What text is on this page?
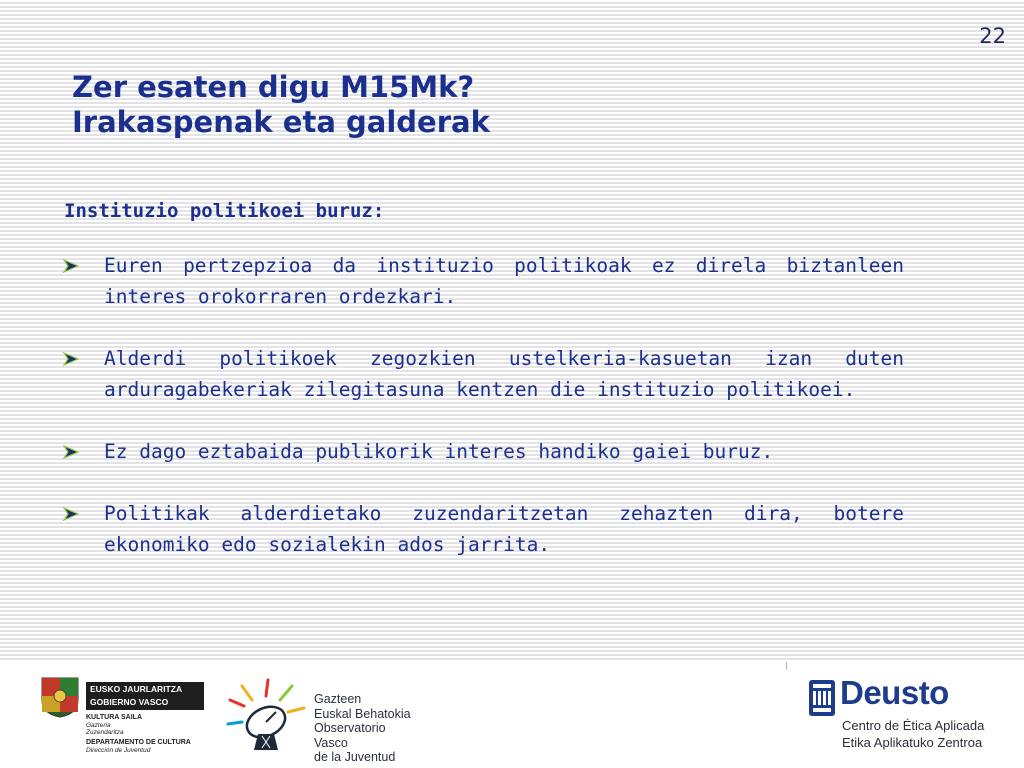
22
Zer esaten digu M15Mk?
Irakaspenak eta galderak
Instituzio politikoei buruz:
Euren pertzepzioa da instituzio politikoak ez direla biztanleen interes orokorraren ordezkari.
Alderdi politikoek zegozkien ustelkeria-kasuetan izan duten arduragabekeriak zilegitasuna kentzen die instituzio politikoei.
Ez dago eztabaida publikorik interes handiko gaiei buruz.
Politikak alderdietako zuzendaritzetan zehazten dira, botere ekonomiko edo sozialekin ados jarrita.
EUSKO JAURLARITZA
GOBIERNO VASCO
KULTURA SAILA
Gazteria
Zuzendaritza
DEPARTAMENTO DE CULTURA
Dirección de Juventud
Gazteen
Euskal Behatokia
Observatorio Vasco
de la Juventud
Deusto
Centro de Ética Aplicada
Etika Aplikatuko Zentroa
